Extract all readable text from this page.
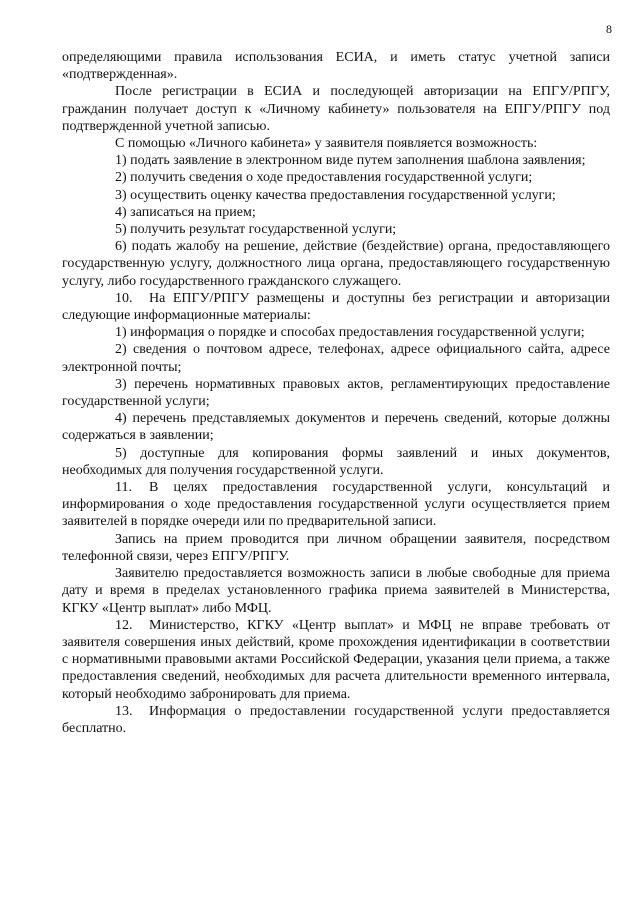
8

определяющими правила использования ЕСИА, и иметь статус учетной записи «подтвержденная».

После регистрации в ЕСИА и последующей авторизации на ЕПГУ/РПГУ, гражданин получает доступ к «Личному кабинету» пользователя на ЕПГУ/РПГУ под подтвержденной учетной записью.

С помощью «Личного кабинета» у заявителя появляется возможность:

1) подать заявление в электронном виде путем заполнения шаблона заявления;

2) получить сведения о ходе предоставления государственной услуги;

3) осуществить оценку качества предоставления государственной услуги;

4) записаться на прием;

5) получить результат государственной услуги;

6) подать жалобу на решение, действие (бездействие) органа, предоставляющего государственную услугу, должностного лица органа, предоставляющего государственную услугу, либо государственного гражданского служащего.

10. На ЕПГУ/РПГУ размещены и доступны без регистрации и авторизации следующие информационные материалы:

1) информация о порядке и способах предоставления государственной услуги;

2) сведения о почтовом адресе, телефонах, адресе официального сайта, адресе электронной почты;

3) перечень нормативных правовых актов, регламентирующих предоставление государственной услуги;

4) перечень представляемых документов и перечень сведений, которые должны содержаться в заявлении;

5) доступные для копирования формы заявлений и иных документов, необходимых для получения государственной услуги.

11. В целях предоставления государственной услуги, консультаций и информирования о ходе предоставления государственной услуги осуществляется прием заявителей в порядке очереди или по предварительной записи.

Запись на прием проводится при личном обращении заявителя, посредством телефонной связи, через ЕПГУ/РПГУ.

Заявителю предоставляется возможность записи в любые свободные для приема дату и время в пределах установленного графика приема заявителей в Министерства, КГКУ «Центр выплат» либо МФЦ.

12. Министерство, КГКУ «Центр выплат» и МФЦ не вправе требовать от заявителя совершения иных действий, кроме прохождения идентификации в соответствии с нормативными правовыми актами Российской Федерации, указания цели приема, а также предоставления сведений, необходимых для расчета длительности временного интервала, который необходимо забронировать для приема.

13. Информация о предоставлении государственной услуги предоставляется бесплатно.
